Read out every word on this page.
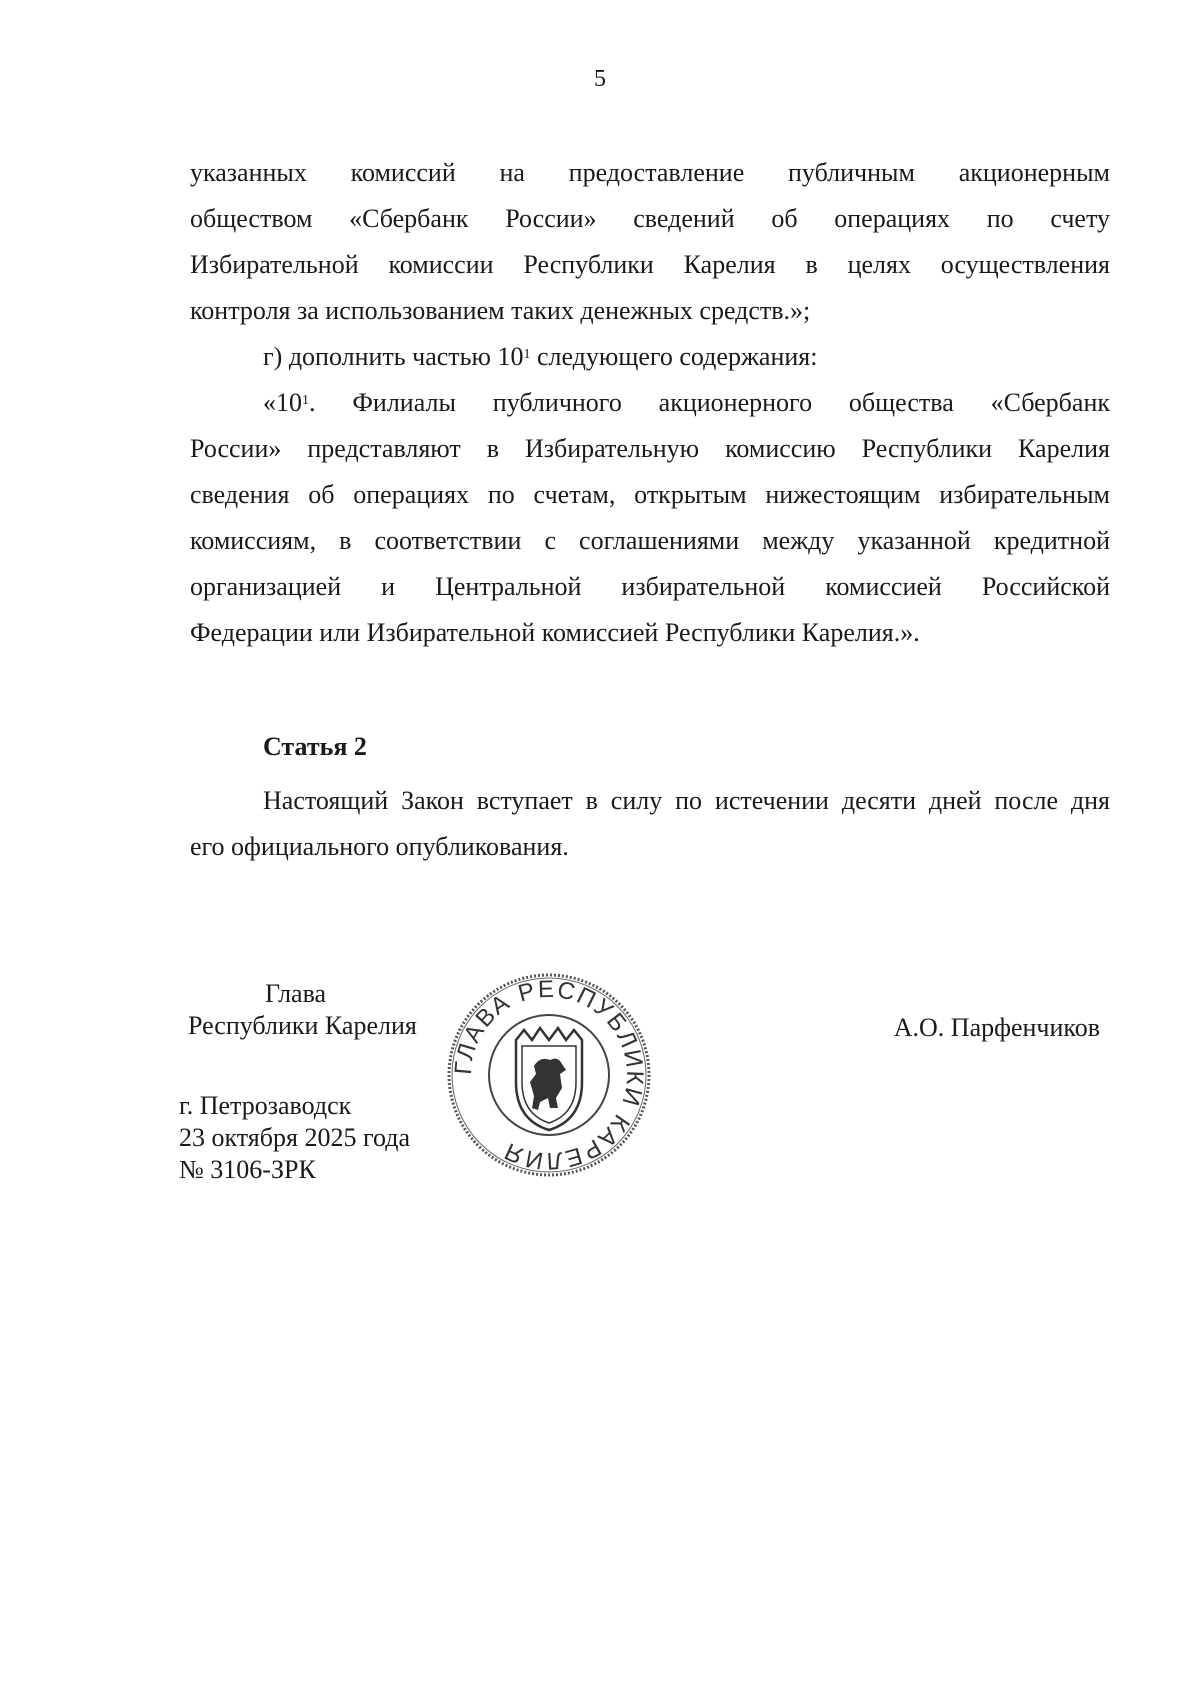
5

указанных комиссий на предоставление публичным акционерным

обществом «Сбербанк России» сведений об операциях по счету

Избирательной комиссии Республики Карелия в целях осуществления

контроля за использованием таких денежных средств.»;

г) дополнить частью $10^1$ следующего содержания:

«$10^1$. Филиалы публичного акционерного общества «Сбербанк

России» представляют в Избирательную комиссию Республики Карелия

сведения об операциях по счетам, открытым нижестоящим избирательным

комиссиям, в соответствии с соглашениями между указанной кредитной

организацией и Центральной избирательной комиссией Российской

Федерации или Избирательной комиссией Республики Карелия.».

Статья 2

Настоящий Закон вступает в силу по истечении десяти дней после дня

его официального опубликования.

Глава
Республики Карелия	А.О. Парфенчиков
г. Петрозаводск
23 октября 2025 года
№ 3106-ЗРК
ГЛАВА РЕСПУБЛИКИ КАРЕЛИЯ
